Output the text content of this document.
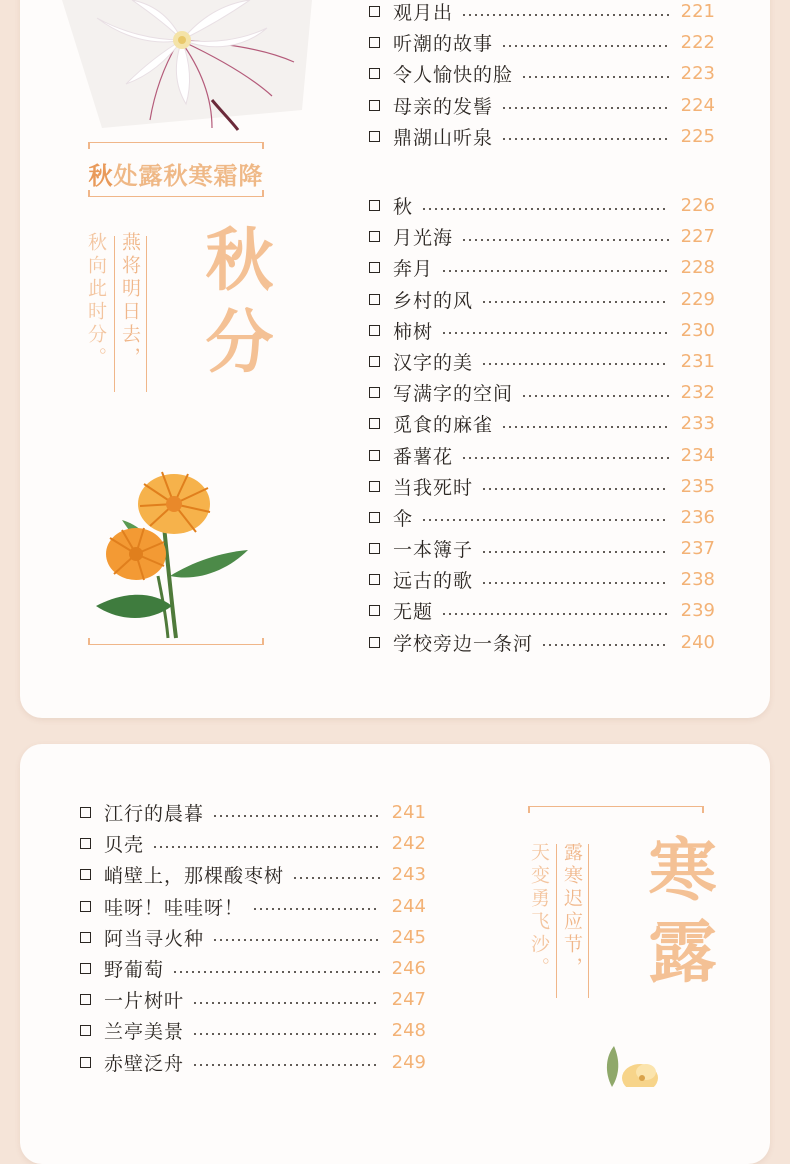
秋处露秋寒霜降
秋向此时分。 燕将明日去， 秋分
观月出	221
听潮的故事	222
令人愉快的脸	223
母亲的发髻	224
鼎湖山听泉	225
秋	226
月光海	227
奔月	228
乡村的风	229
柿树	230
汉字的美	231
写满字的空间	232
觅食的麻雀	233
番薯花	234
当我死时	235
伞	236
一本簿子	237
远古的歌	238
无题	239
学校旁边一条河	240
江行的晨暮	241
贝壳	242
峭壁上，那棵酸枣树	243
哇呀！哇哇呀！	244
阿当寻火种	245
野葡萄	246
一片树叶	247
兰亭美景	248
赤壁泛舟	249
天变勇飞沙。 露寒迟应节， 寒露
